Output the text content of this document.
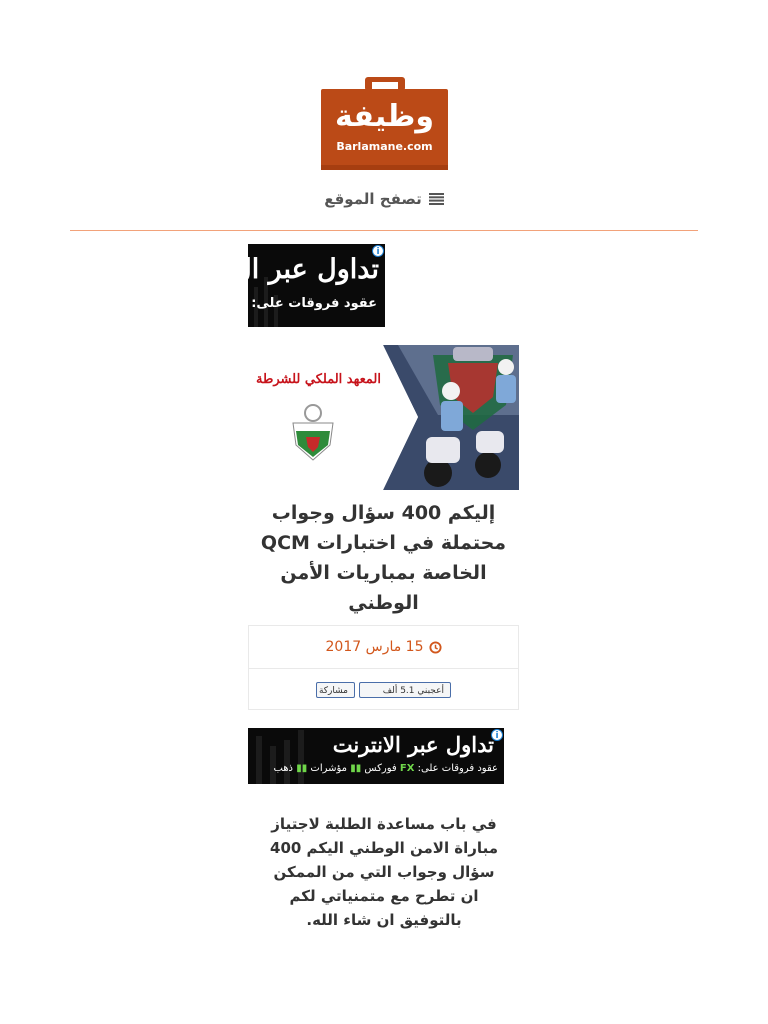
وظيفة
Barlamane.com
تصفح الموقع
i
تداول عبر ال
عقود فروقات على:
المعهد الملكي للشرطة
إليكم 400 سؤال وجواب محتملة في اختبارات QCM الخاصة بمباريات الأمن الوطني
15 مارس 2017
أعجبني 5.1 ألف
مشاركة
i
تداول عبر الانترنت
عقود فروقات على: FX فوركس ▮▮ مؤشرات ▮▮ ذهب

في باب مساعدة الطلبة لاجتياز مباراة الامن الوطني اليكم 400 سؤال وجواب التي من الممكن ان تطرح مع متمنياتي لكم بالتوفيق ان شاء الله.
